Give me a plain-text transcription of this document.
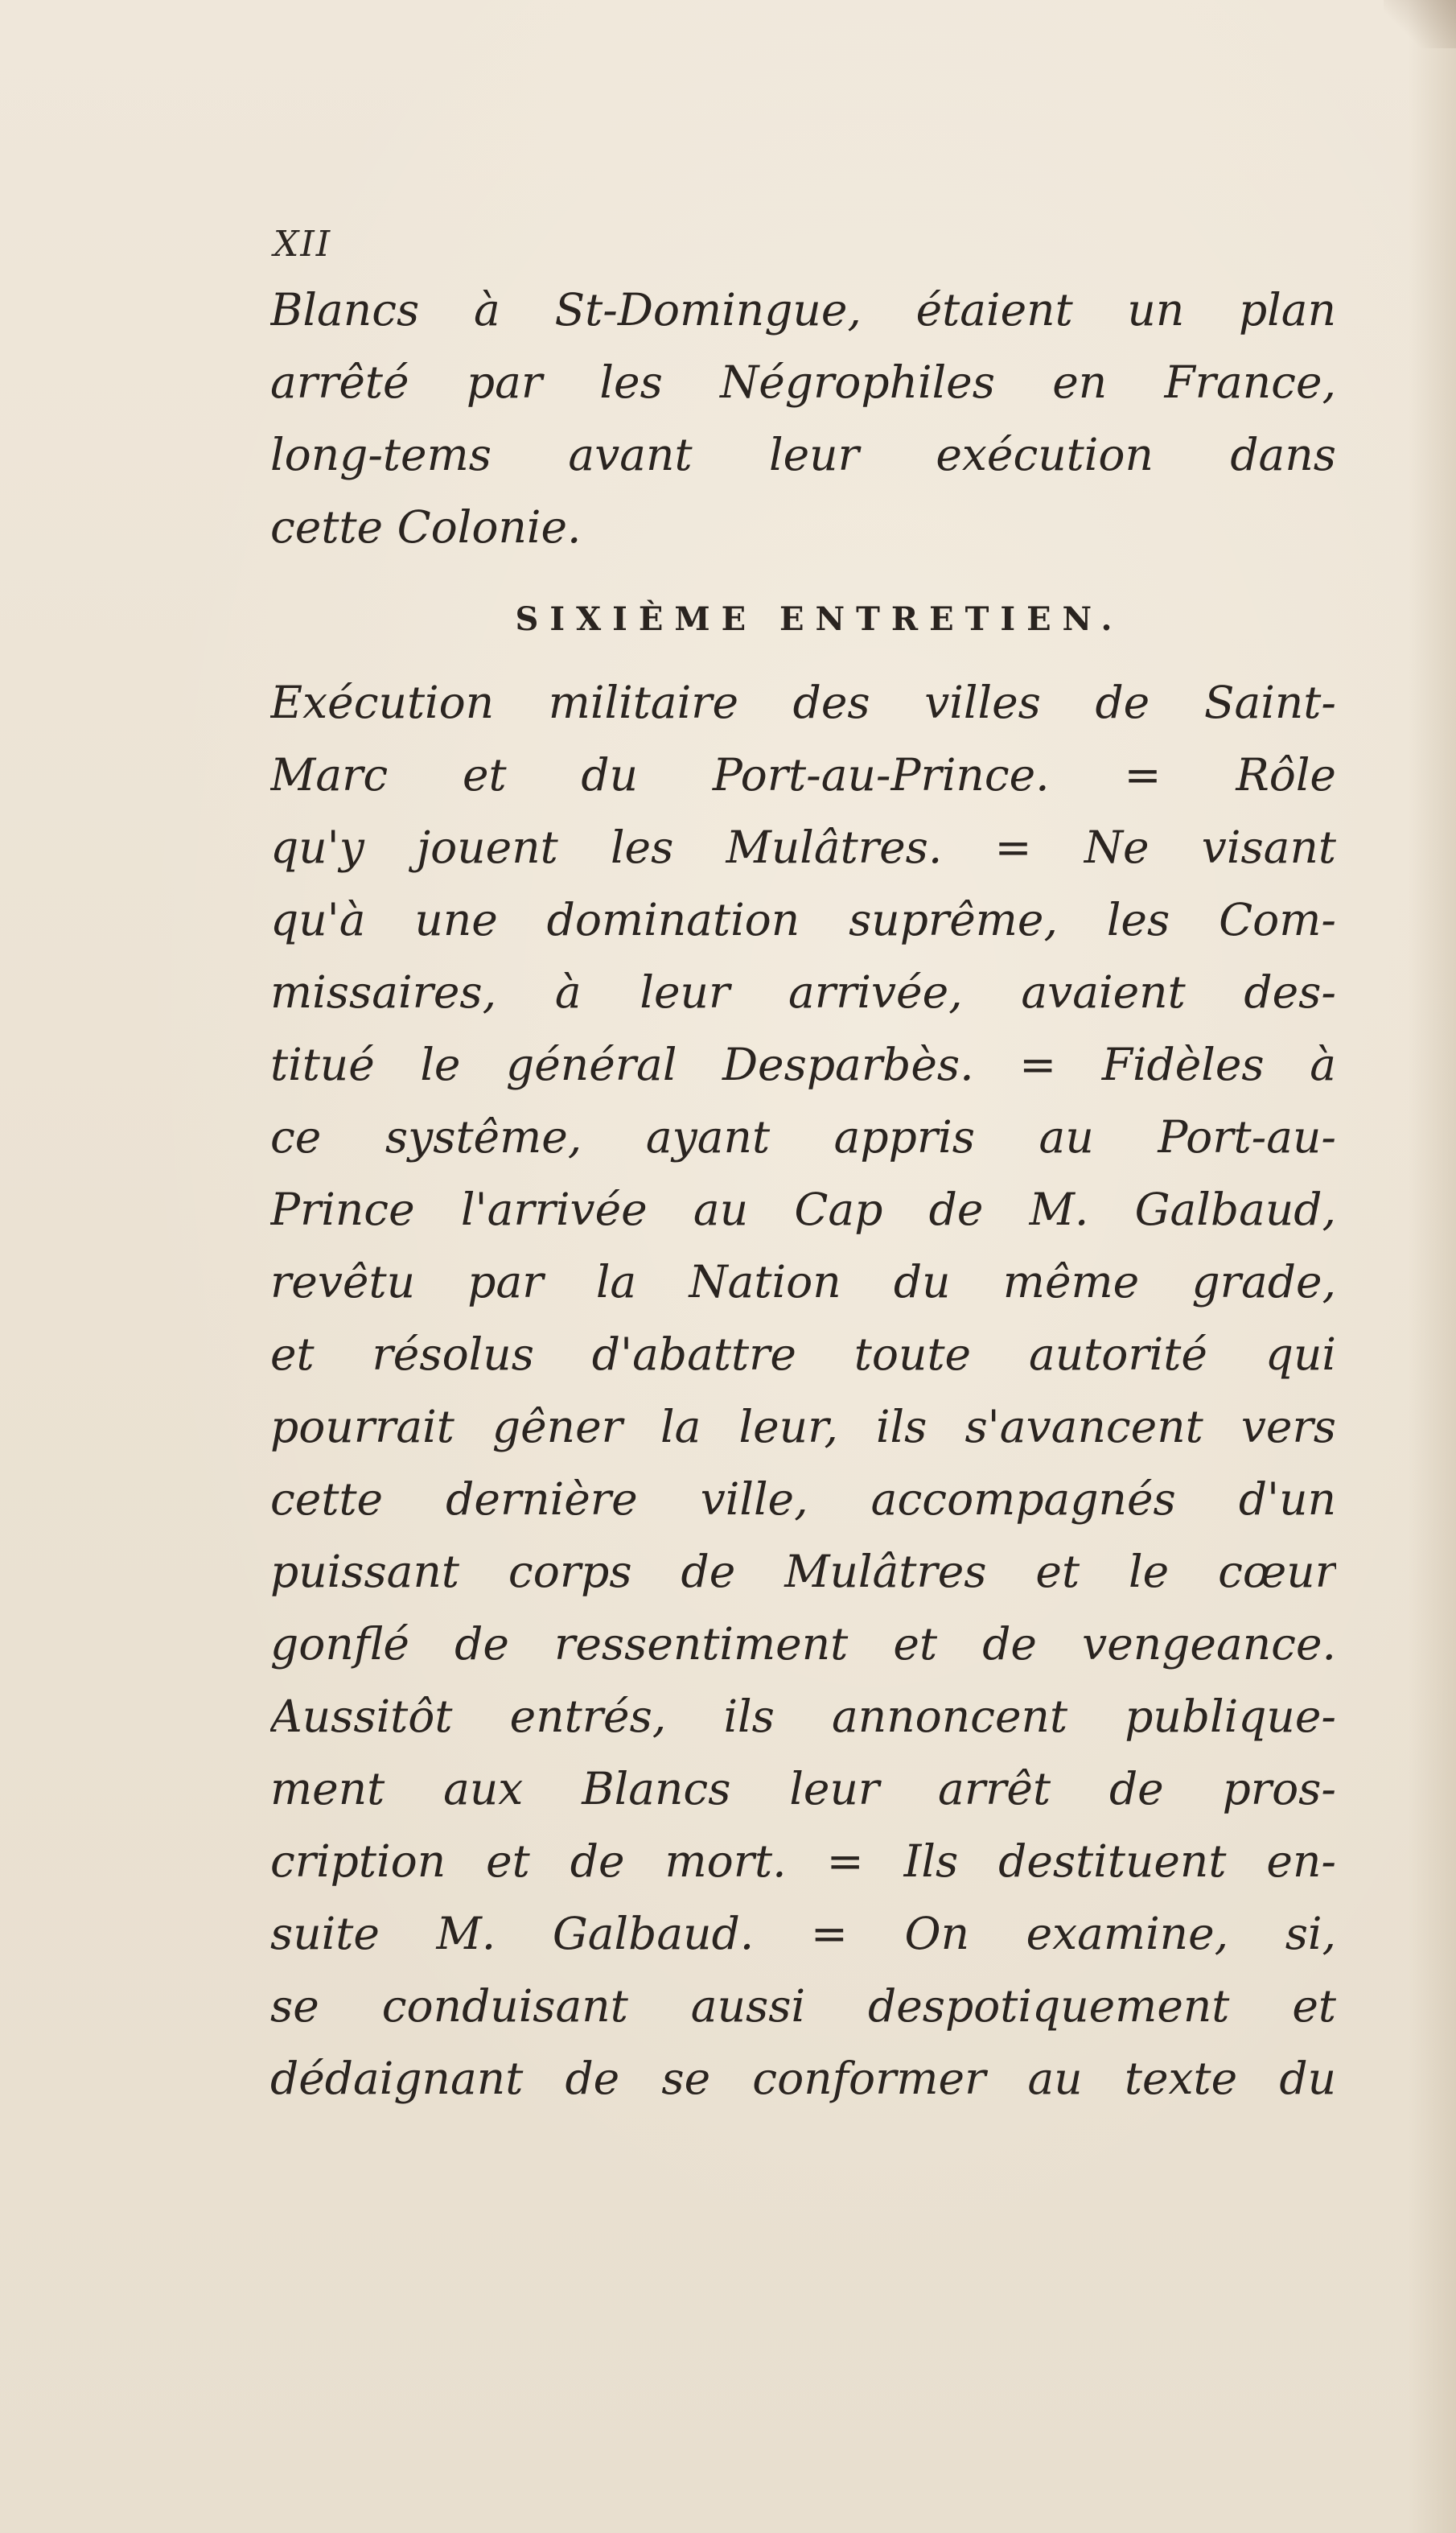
XII
Blancs à St-Domingue, étaient un plan
arrêté par les Négrophiles en France,
long-tems avant leur exécution dans
cette Colonie.
SIXIÈME ENTRETIEN.
Exécution militaire des villes de Saint-
Marc et du Port-au-Prince. = Rôle
qu'y jouent les Mulâtres. = Ne visant
qu'à une domination suprême, les Com-
missaires, à leur arrivée, avaient des-
titué le général Desparbès. = Fidèles à
ce systême, ayant appris au Port-au-
Prince l'arrivée au Cap de M. Galbaud,
revêtu par la Nation du même grade,
et résolus d'abattre toute autorité qui
pourrait gêner la leur, ils s'avancent vers
cette dernière ville, accompagnés d'un
puissant corps de Mulâtres et le cœur
gonflé de ressentiment et de vengeance.
Aussitôt entrés, ils annoncent publique-
ment aux Blancs leur arrêt de pros-
cription et de mort. = Ils destituent en-
suite M. Galbaud. = On examine, si,
se conduisant aussi despotiquement et
dédaignant de se conformer au texte du
